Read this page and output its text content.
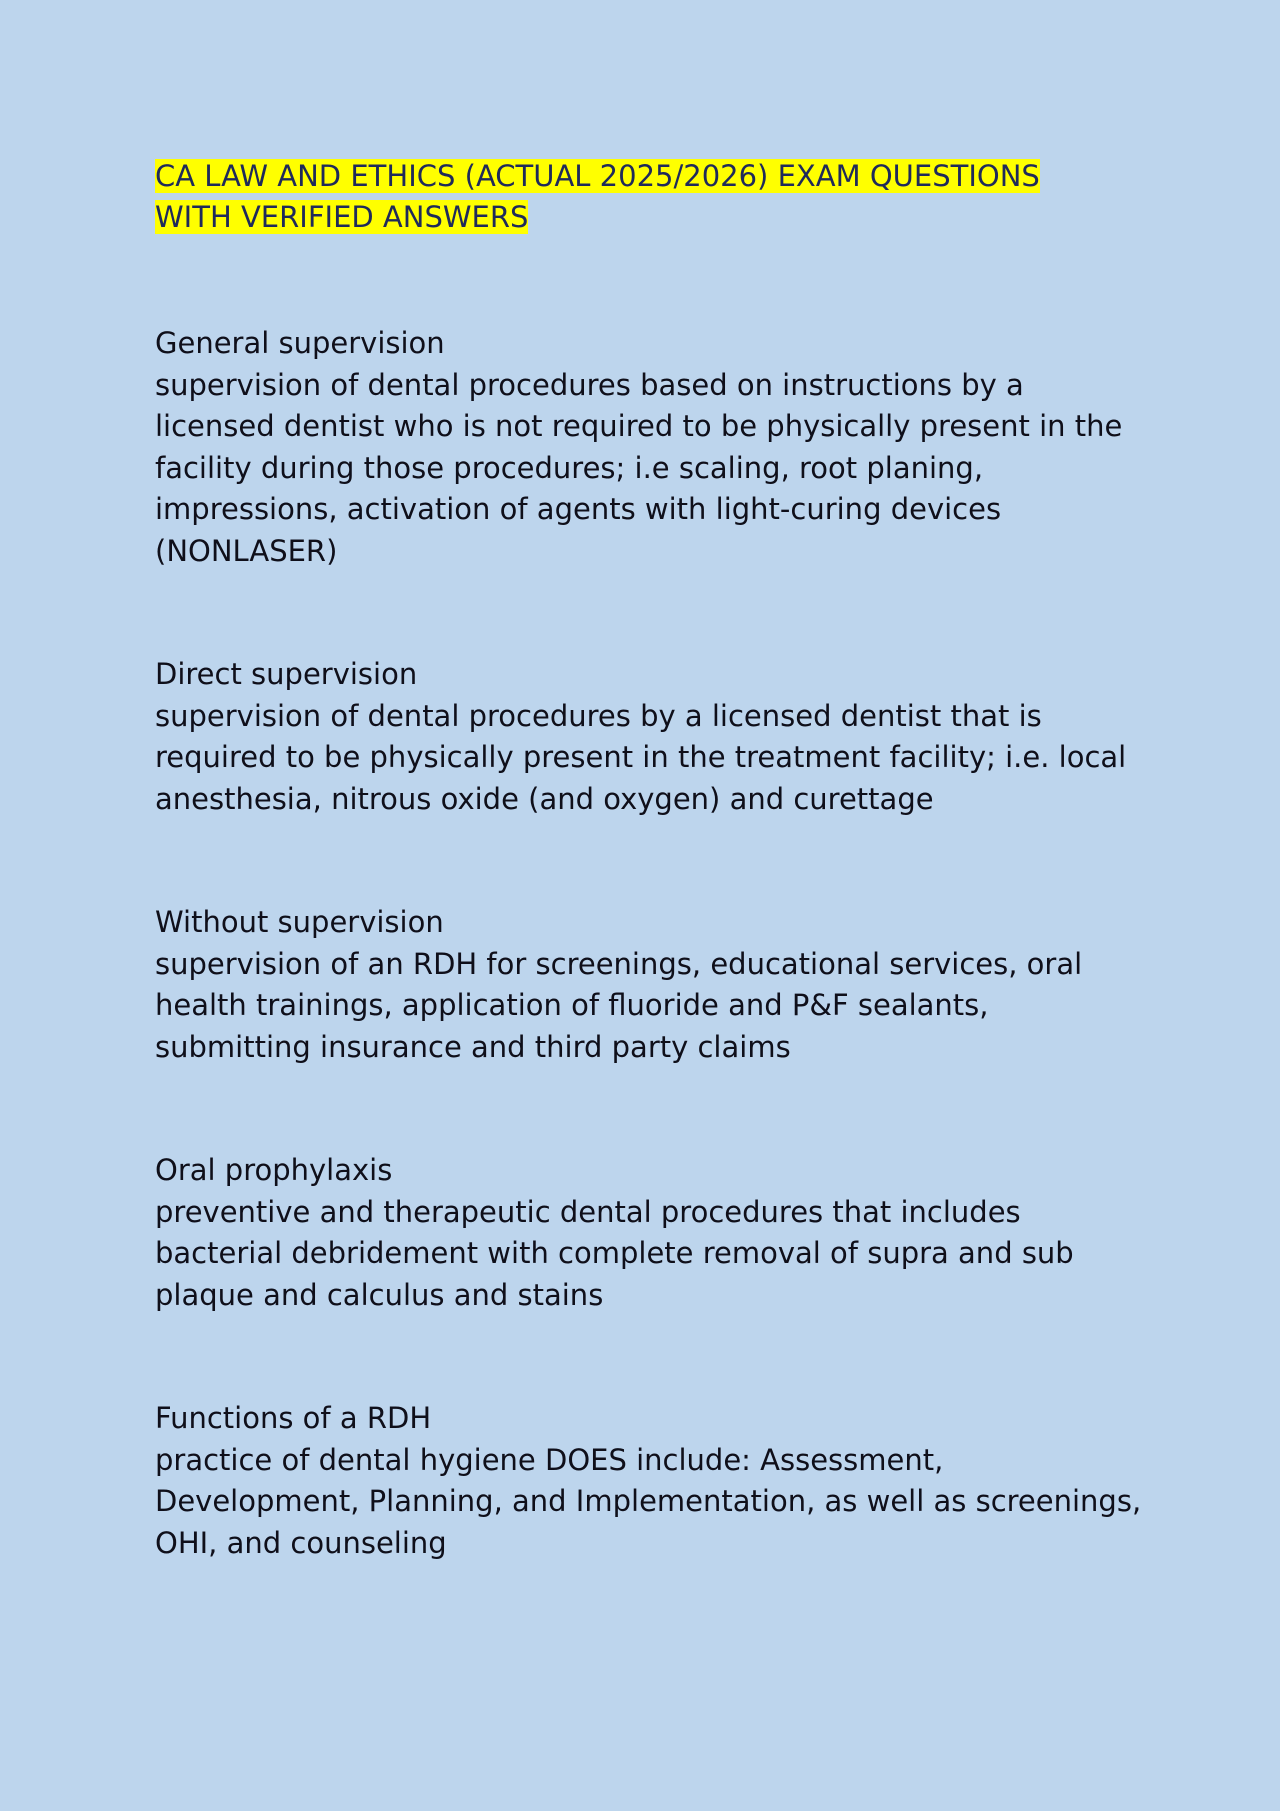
CA LAW AND ETHICS (ACTUAL 2025/2026) EXAM QUESTIONS WITH VERIFIED ANSWERS

General supervision

supervision of dental procedures based on instructions by a licensed dentist who is not required to be physically present in the facility during those procedures; i.e scaling, root planing, impressions, activation of agents with light-curing devices (NONLASER)

Direct supervision

supervision of dental procedures by a licensed dentist that is required to be physically present in the treatment facility; i.e. local anesthesia, nitrous oxide (and oxygen) and curettage

Without supervision

supervision of an RDH for screenings, educational services, oral health trainings, application of fluoride and P&F sealants, submitting insurance and third party claims

Oral prophylaxis

preventive and therapeutic dental procedures that includes bacterial debridement with complete removal of supra and sub plaque and calculus and stains

Functions of a RDH

practice of dental hygiene DOES include: Assessment, Development, Planning, and Implementation, as well as screenings, OHI, and counseling
